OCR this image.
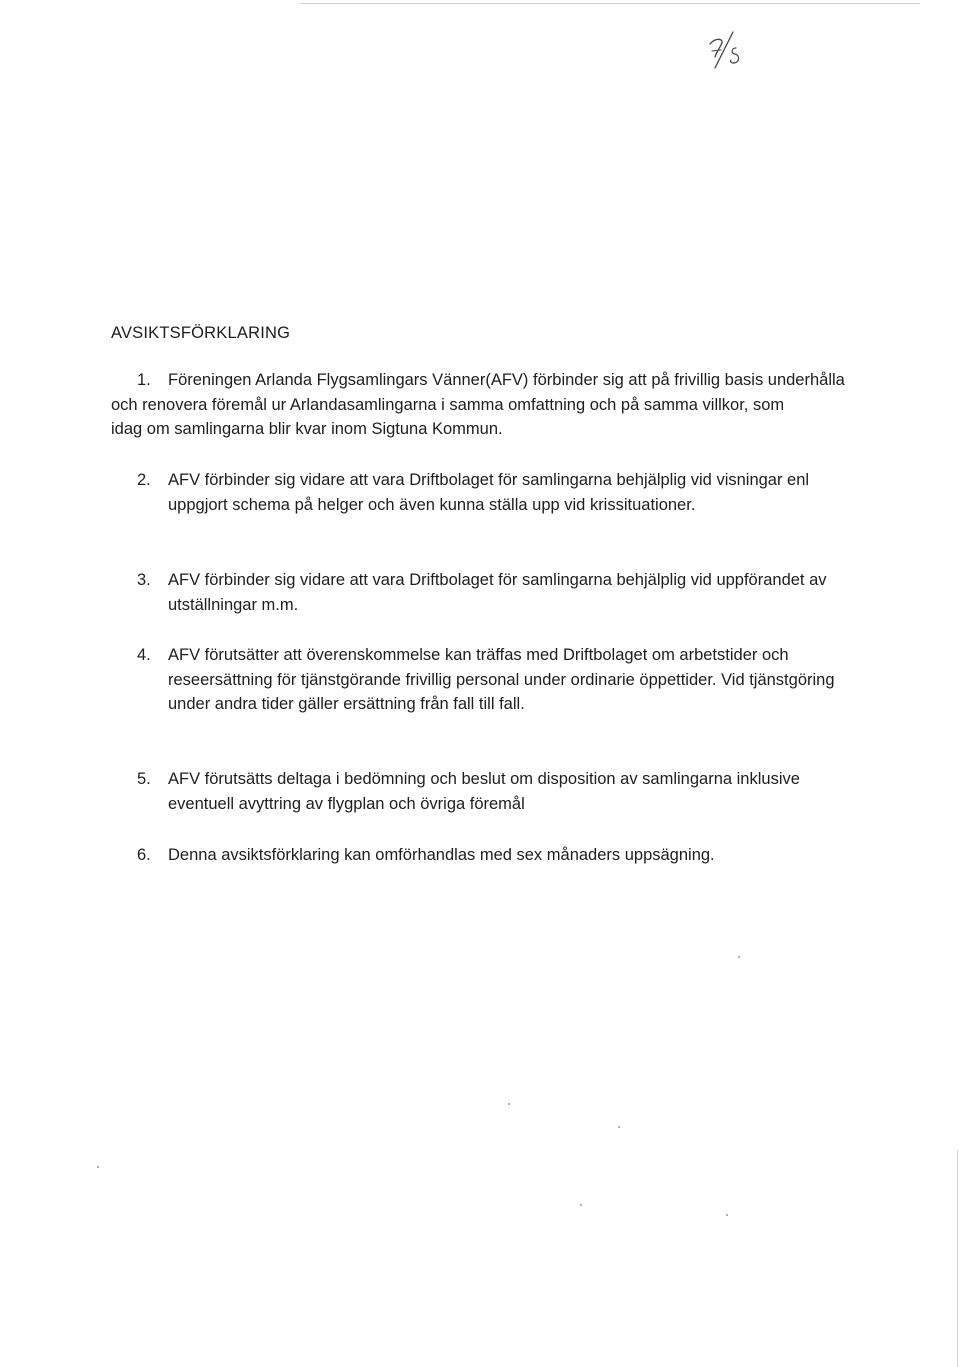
AVSIKTSFÖRKLARING
1.	Föreningen Arlanda Flygsamlingars Vänner(AFV) förbinder sig att på frivillig basis underhålla
och renovera föremål ur Arlandasamlingarna i samma omfattning och på samma villkor, som
idag om samlingarna blir kvar inom Sigtuna Kommun.
2.	AFV förbinder sig vidare att vara Driftbolaget för samlingarna behjälplig vid visningar enl
uppgjort schema på helger och även kunna ställa upp vid krissituationer.
3.	AFV förbinder sig vidare att vara Driftbolaget för samlingarna behjälplig vid uppförandet av
utställningar m.m.
4.	AFV förutsätter att överenskommelse kan träffas med Driftbolaget om arbetstider och
reseersättning för tjänstgörande frivillig personal under ordinarie öppettider. Vid tjänstgöring
under andra tider gäller ersättning från fall till fall.
5.	AFV förutsätts deltaga i bedömning och beslut om disposition av samlingarna inklusive
eventuell avyttring av flygplan och övriga föremål
6.	Denna avsiktsförklaring kan omförhandlas med sex månaders uppsägning.
